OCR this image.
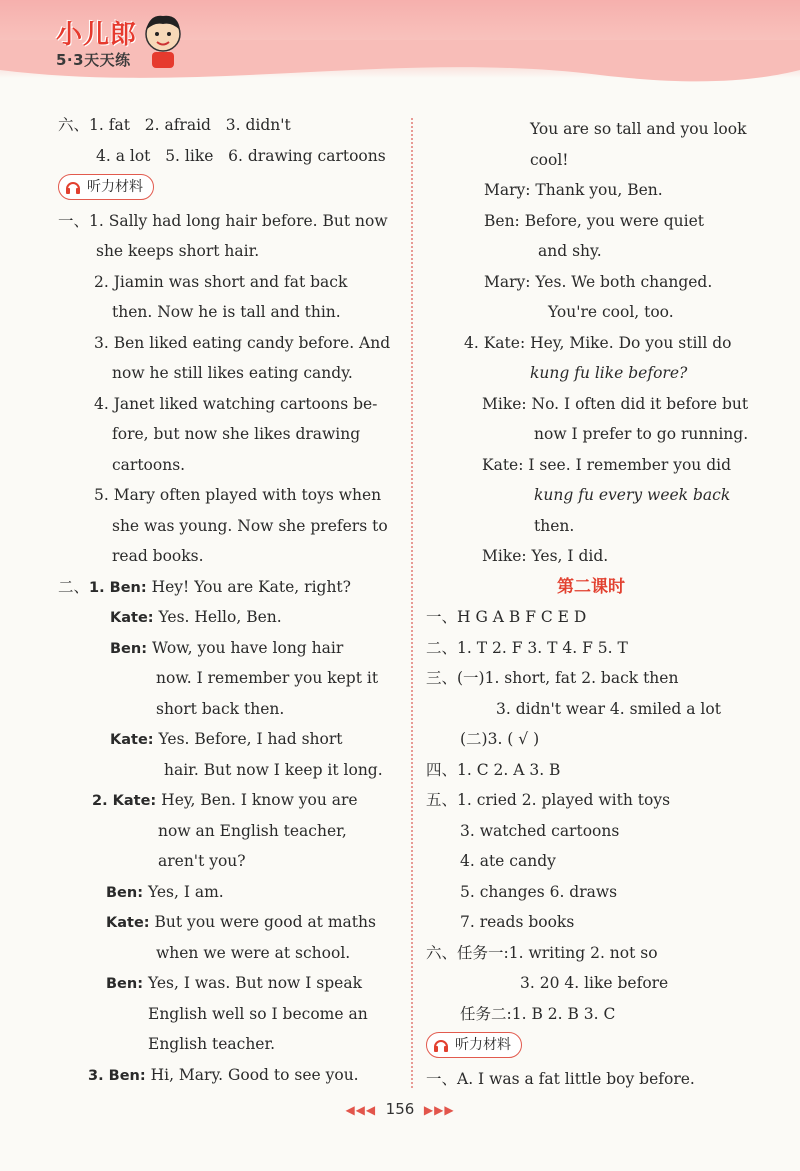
小儿郎
5·3天天练
六、1. fat 2. afraid 3. didn't
4. a lot 5. like 6. drawing cartoons
听力材料
一、1. Sally had long hair before. But now
she keeps short hair.
2. Jiamin was short and fat back
then. Now he is tall and thin.
3. Ben liked eating candy before. And
now he still likes eating candy.
4. Janet liked watching cartoons be-
fore, but now she likes drawing
cartoons.
5. Mary often played with toys when
she was young. Now she prefers to
read books.
二、1. Ben: Hey! You are Kate, right?
Kate: Yes. Hello, Ben.
Ben: Wow, you have long hair
now. I remember you kept it
short back then.
Kate: Yes. Before, I had short
hair. But now I keep it long.
2. Kate: Hey, Ben. I know you are
now an English teacher,
aren't you?
Ben: Yes, I am.
Kate: But you were good at maths
when we were at school.
Ben: Yes, I was. But now I speak
English well so I become an
English teacher.
3. Ben: Hi, Mary. Good to see you.
You are so tall and you look
cool!
Mary: Thank you, Ben.
Ben: Before, you were quiet
and shy.
Mary: Yes. We both changed.
You're cool, too.
4. Kate: Hey, Mike. Do you still do
kung fu like before?
Mike: No. I often did it before but
now I prefer to go running.
Kate: I see. I remember you did
kung fu every week back
then.
Mike: Yes, I did.
第二课时
一、H G A B F C E D
二、1. T 2. F 3. T 4. F 5. T
三、(一)1. short, fat 2. back then
3. didn't wear 4. smiled a lot
(二)3. ( √ )
四、1. C 2. A 3. B
五、1. cried 2. played with toys
3. watched cartoons
4. ate candy
5. changes 6. draws
7. reads books
六、任务一:1. writing 2. not so
3. 20 4. like before
任务二:1. B 2. B 3. C
听力材料
一、A. I was a fat little boy before.
◀◀◀ 156 ▶▶▶
